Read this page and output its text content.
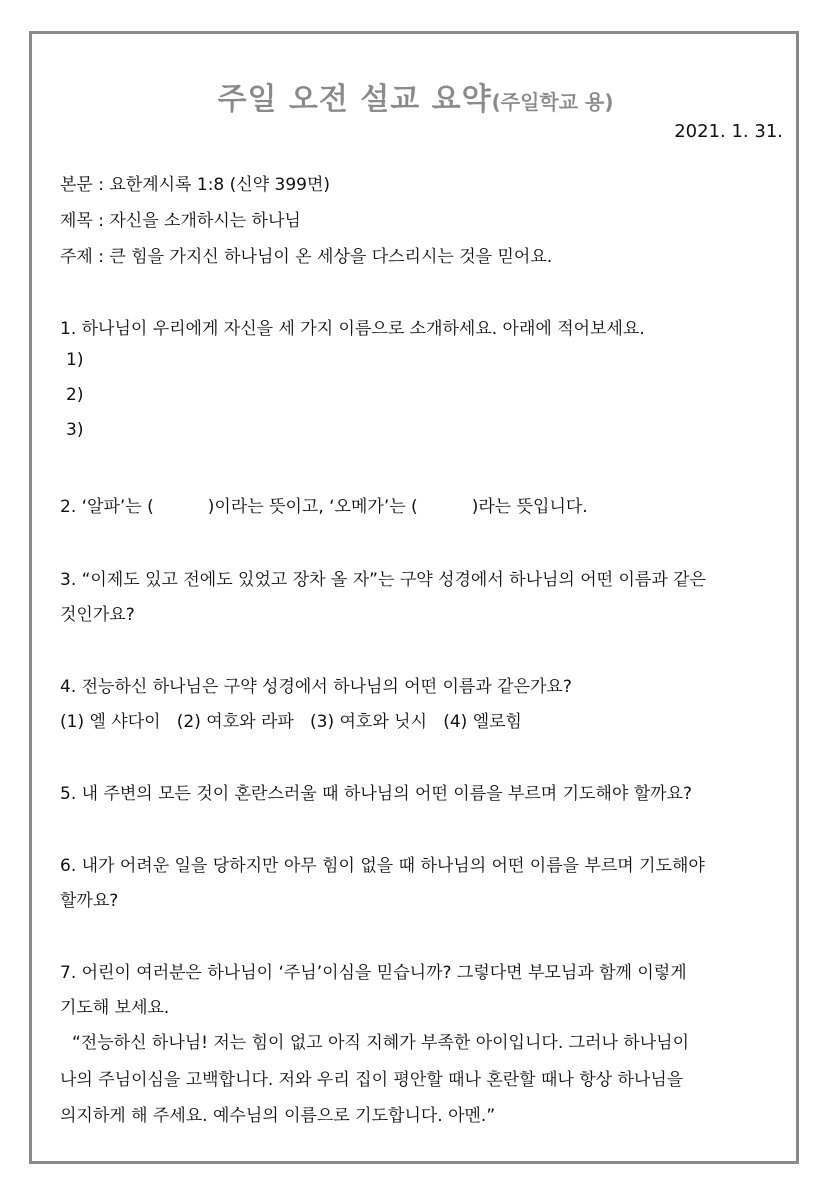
주일 오전 설교 요약(주일학교 용)
2021. 1. 31.
본문 : 요한계시록 1:8 (신약 399면)
제목 : 자신을 소개하시는 하나님
주제 : 큰 힘을 가지신 하나님이 온 세상을 다스리시는 것을 믿어요.
1. 하나님이 우리에게 자신을 세 가지 이름으로 소개하세요. 아래에 적어보세요.
1)
2)
3)
2. ‘알파’는 (          )이라는 뜻이고, ‘오메가’는 (          )라는 뜻입니다.
3. “이제도 있고 전에도 있었고 장차 올 자”는 구약 성경에서 하나님의 어떤 이름과 같은
것인가요?
4. 전능하신 하나님은 구약 성경에서 하나님의 어떤 이름과 같은가요?
(1) 엘 샤다이   (2) 여호와 라파   (3) 여호와 닛시   (4) 엘로힘
5. 내 주변의 모든 것이 혼란스러울 때 하나님의 어떤 이름을 부르며 기도해야 할까요?
6. 내가 어려운 일을 당하지만 아무 힘이 없을 때 하나님의 어떤 이름을 부르며 기도해야
할까요?
7. 어린이 여러분은 하나님이 ‘주님’이심을 믿습니까? 그렇다면 부모님과 함께 이렇게
기도해 보세요.
“전능하신 하나님! 저는 힘이 없고 아직 지혜가 부족한 아이입니다. 그러나 하나님이
나의 주님이심을 고백합니다. 저와 우리 집이 평안할 때나 혼란할 때나 항상 하나님을
의지하게 해 주세요. 예수님의 이름으로 기도합니다. 아멘.”
